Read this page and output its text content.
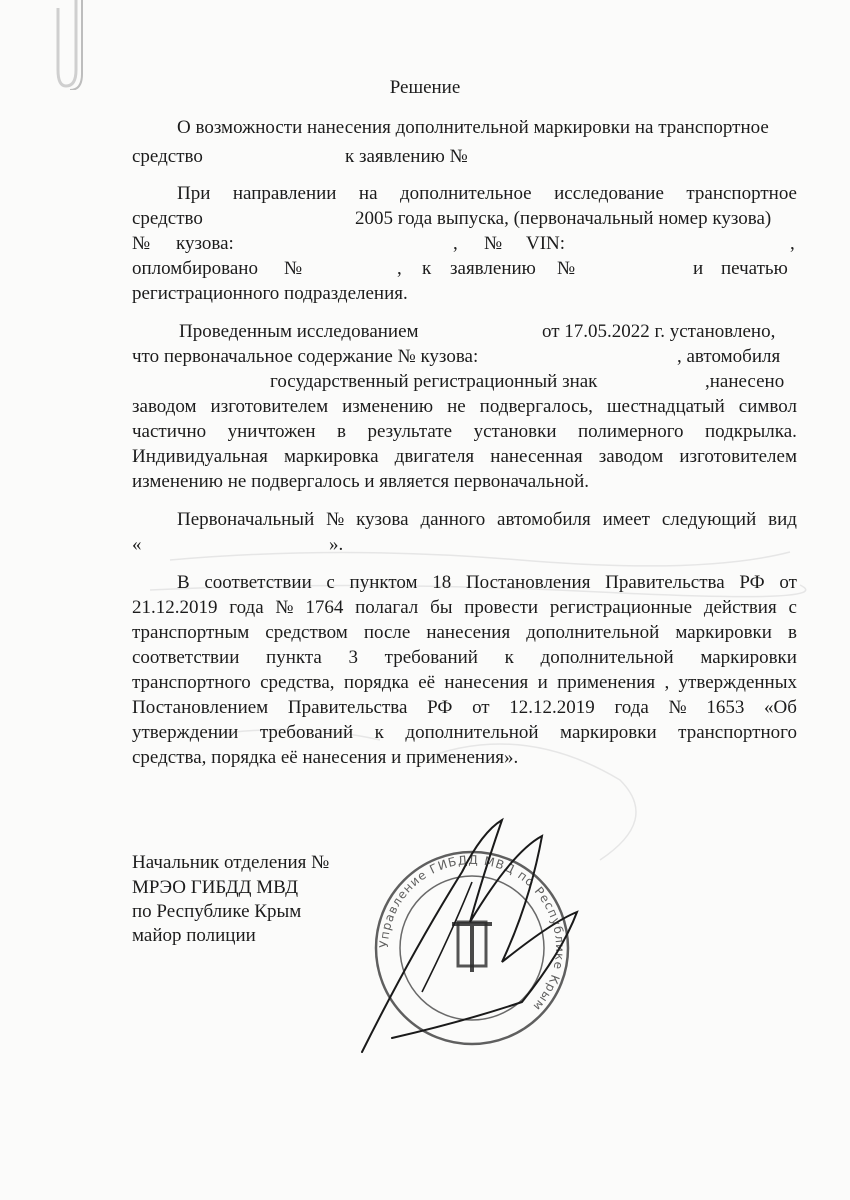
Решение
О возможности нанесения дополнительной маркировки на транспортное
средство	к заявлению №
При направлении на дополнительное исследование транспортное
средство	2005 года выпуска, (первоначальный номер кузова)
№ кузова:	, № VIN:	,
опломбировано №	, к заявлению №	и печатью
регистрационного подразделения.
Проведенным исследованием	от 17.05.2022 г. установлено,
что первоначальное содержание № кузова:	, автомобиля
государственный регистрационный знак	,нанесено
заводом изготовителем изменению не подвергалось, шестнадцатый символ
частично уничтожен в результате установки полимерного подкрылка.
Индивидуальная маркировка двигателя нанесенная заводом изготовителем
изменению не подвергалось и является первоначальной.
Первоначальный № кузова данного автомобиля имеет следующий вид
«	».
В соответствии с пунктом 18 Постановления Правительства РФ от
21.12.2019 года № 1764 полагал бы провести регистрационные действия с
транспортным средством после нанесения дополнительной маркировки в
соответствии пункта 3 требований к дополнительной маркировки
транспортного средства, порядка её нанесения и применения , утвержденных
Постановлением Правительства РФ от 12.12.2019 года № 1653 «Об
утверждении требований к дополнительной маркировки транспортного
средства, порядка её нанесения и применения».
Начальник отделения №
МРЭО ГИБДД МВД
по Республике Крым
майор полиции	Управление ГИБДД МВД по Республике Крым
